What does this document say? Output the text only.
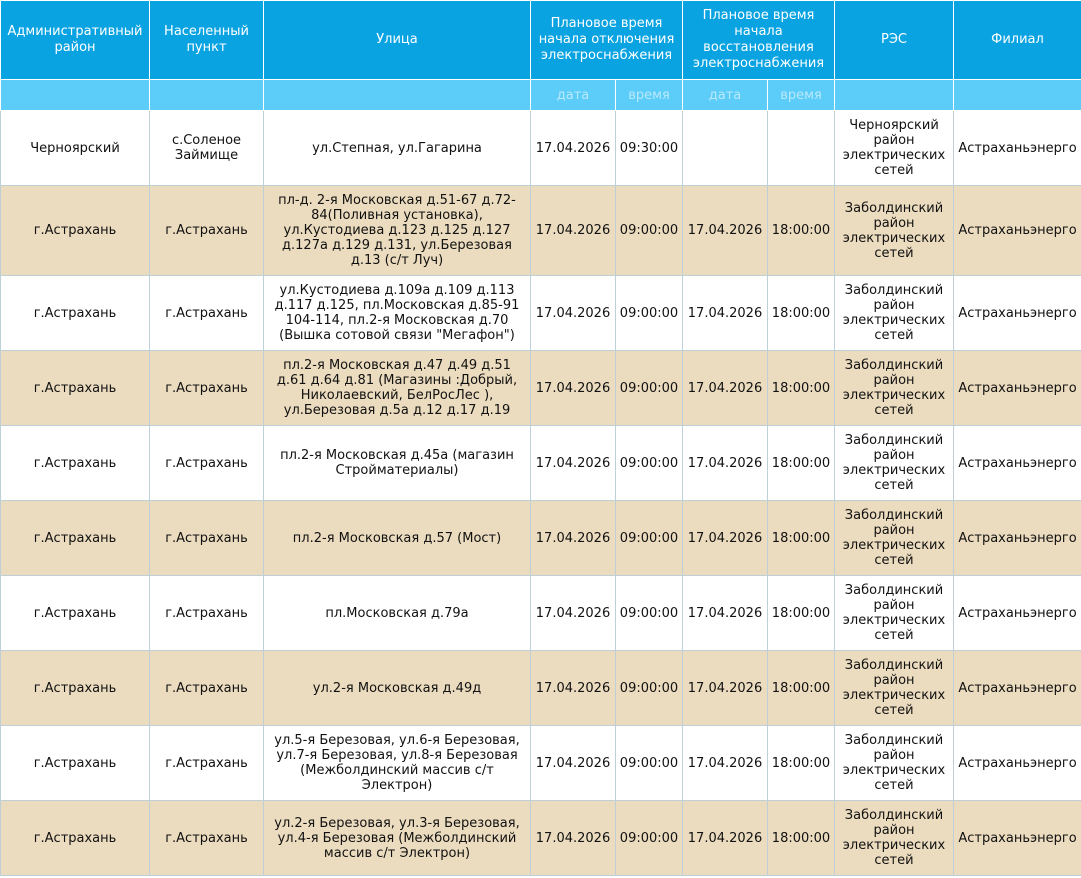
Административный район	Населенный пункт	Улица	Плановое время начала отключения электроснабжения		Плановое время начала восстановления электроснабжения		РЭС	Филиал
			дата	время	дата	время		
Черноярский	с.Соленое Займище	ул.Степная, ул.Гагарина	17.04.2026	09:30:00			Черноярский район электрических сетей	Астраханьэнерго
г.Астрахань	г.Астрахань	пл-д. 2-я Московская д.51-67 д.72-84(Поливная установка), ул.Кустодиева д.123 д.125 д.127 д.127а д.129 д.131, ул.Березовая д.13 (с/т Луч)	17.04.2026	09:00:00	17.04.2026	18:00:00	Заболдинский район электрических сетей	Астраханьэнерго
г.Астрахань	г.Астрахань	ул.Кустодиева д.109а д.109 д.113 д.117 д.125, пл.Московская д.85-91 104-114, пл.2-я Московская д.70 (Вышка сотовой связи "Мегафон")	17.04.2026	09:00:00	17.04.2026	18:00:00	Заболдинский район электрических сетей	Астраханьэнерго
г.Астрахань	г.Астрахань	пл.2-я Московская д.47 д.49 д.51 д.61 д.64 д.81 (Магазины :Добрый, Николаевский, БелРосЛес ), ул.Березовая д.5а д.12 д.17 д.19	17.04.2026	09:00:00	17.04.2026	18:00:00	Заболдинский район электрических сетей	Астраханьэнерго
г.Астрахань	г.Астрахань	пл.2-я Московская д.45а (магазин Стройматериалы)	17.04.2026	09:00:00	17.04.2026	18:00:00	Заболдинский район электрических сетей	Астраханьэнерго
г.Астрахань	г.Астрахань	пл.2-я Московская д.57 (Мост)	17.04.2026	09:00:00	17.04.2026	18:00:00	Заболдинский район электрических сетей	Астраханьэнерго
г.Астрахань	г.Астрахань	пл.Московская д.79а	17.04.2026	09:00:00	17.04.2026	18:00:00	Заболдинский район электрических сетей	Астраханьэнерго
г.Астрахань	г.Астрахань	ул.2-я Московская д.49д	17.04.2026	09:00:00	17.04.2026	18:00:00	Заболдинский район электрических сетей	Астраханьэнерго
г.Астрахань	г.Астрахань	ул.5-я Березовая, ул.6-я Березовая, ул.7-я Березовая, ул.8-я Березовая (Межболдинский массив с/т Электрон)	17.04.2026	09:00:00	17.04.2026	18:00:00	Заболдинский район электрических сетей	Астраханьэнерго
г.Астрахань	г.Астрахань	ул.2-я Березовая, ул.3-я Березовая, ул.4-я Березовая (Межболдинский массив с/т Электрон)	17.04.2026	09:00:00	17.04.2026	18:00:00	Заболдинский район электрических сетей	Астраханьэнерго
